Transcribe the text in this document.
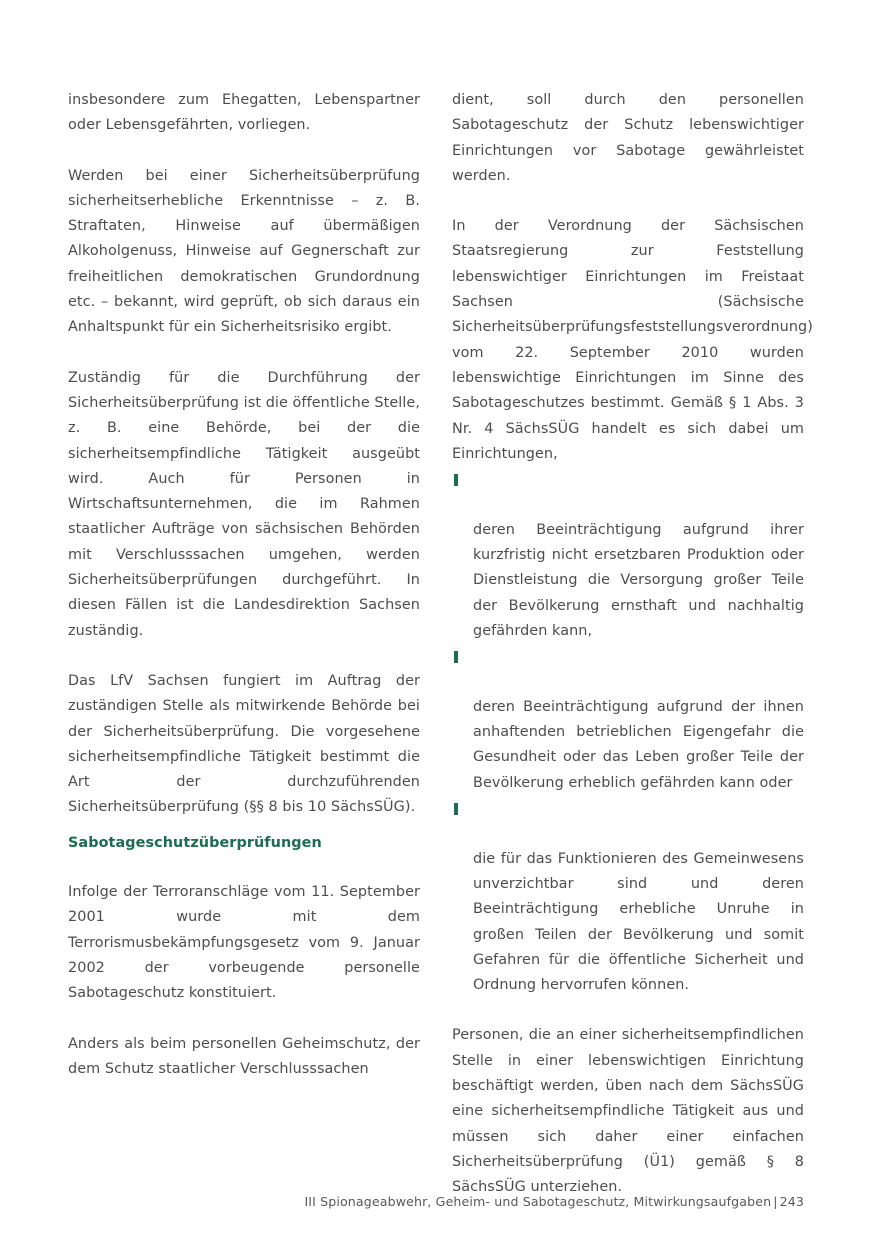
insbesondere zum Ehegatten, Lebenspartner oder Lebensgefährten, vorliegen.

Werden bei einer Sicherheitsüberprüfung sicherheitserhebliche Erkenntnisse – z. B. Straftaten, Hinweise auf übermäßigen Alkoholgenuss, Hinweise auf Gegnerschaft zur freiheitlichen demokratischen Grundordnung etc. – bekannt, wird geprüft, ob sich daraus ein Anhaltspunkt für ein Sicherheitsrisiko ergibt.

Zuständig für die Durchführung der Sicherheitsüberprüfung ist die öffentliche Stelle, z. B. eine Behörde, bei der die sicherheitsempfindliche Tätigkeit ausgeübt wird. Auch für Personen in Wirtschaftsunternehmen, die im Rahmen staatlicher Aufträge von sächsischen Behörden mit Verschlusssachen umgehen, werden Sicherheitsüberprüfungen durchgeführt. In diesen Fällen ist die Landesdirektion Sachsen zuständig.

Das LfV Sachsen fungiert im Auftrag der zuständigen Stelle als mitwirkende Behörde bei der Sicherheitsüberprüfung. Die vorgesehene sicherheitsempfindliche Tätigkeit bestimmt die Art der durchzuführenden Sicherheitsüberprüfung (§§ 8 bis 10 SächsSÜG).

Sabotageschutzüberprüfungen

Infolge der Terroranschläge vom 11. September 2001 wurde mit dem Terrorismusbekämpfungsgesetz vom 9. Januar 2002 der vorbeugende personelle Sabotageschutz konstituiert.

Anders als beim personellen Geheimschutz, der dem Schutz staatlicher Verschlusssachen

dient, soll durch den personellen Sabotageschutz der Schutz lebenswichtiger Einrichtungen vor Sabotage gewährleistet werden.

In der Verordnung der Sächsischen Staatsregierung zur Feststellung lebenswichtiger Einrichtungen im Freistaat Sachsen (Sächsische Sicherheitsüberprüfungsfeststellungsverordnung) vom 22. September 2010 wurden lebenswichtige Einrichtungen im Sinne des Sabotageschutzes bestimmt. Gemäß § 1 Abs. 3 Nr. 4 SächsSÜG handelt es sich dabei um Einrichtungen,

deren Beeinträchtigung aufgrund ihrer kurzfristig nicht ersetzbaren Produktion oder Dienstleistung die Versorgung großer Teile der Bevölkerung ernsthaft und nachhaltig gefährden kann,

deren Beeinträchtigung aufgrund der ihnen anhaftenden betrieblichen Eigengefahr die Gesundheit oder das Leben großer Teile der Bevölkerung erheblich gefährden kann oder

die für das Funktionieren des Gemeinwesens unverzichtbar sind und deren Beeinträchtigung erhebliche Unruhe in großen Teilen der Bevölkerung und somit Gefahren für die öffentliche Sicherheit und Ordnung hervorrufen können.

Personen, die an einer sicherheitsempfindlichen Stelle in einer lebenswichtigen Einrichtung beschäftigt werden, üben nach dem SächsSÜG eine sicherheitsempfindliche Tätigkeit aus und müssen sich daher einer einfachen Sicherheitsüberprüfung (Ü1) gemäß § 8 SächsSÜG unterziehen.

III Spionageabwehr, Geheim- und Sabotageschutz, Mitwirkungsaufgaben | 243
